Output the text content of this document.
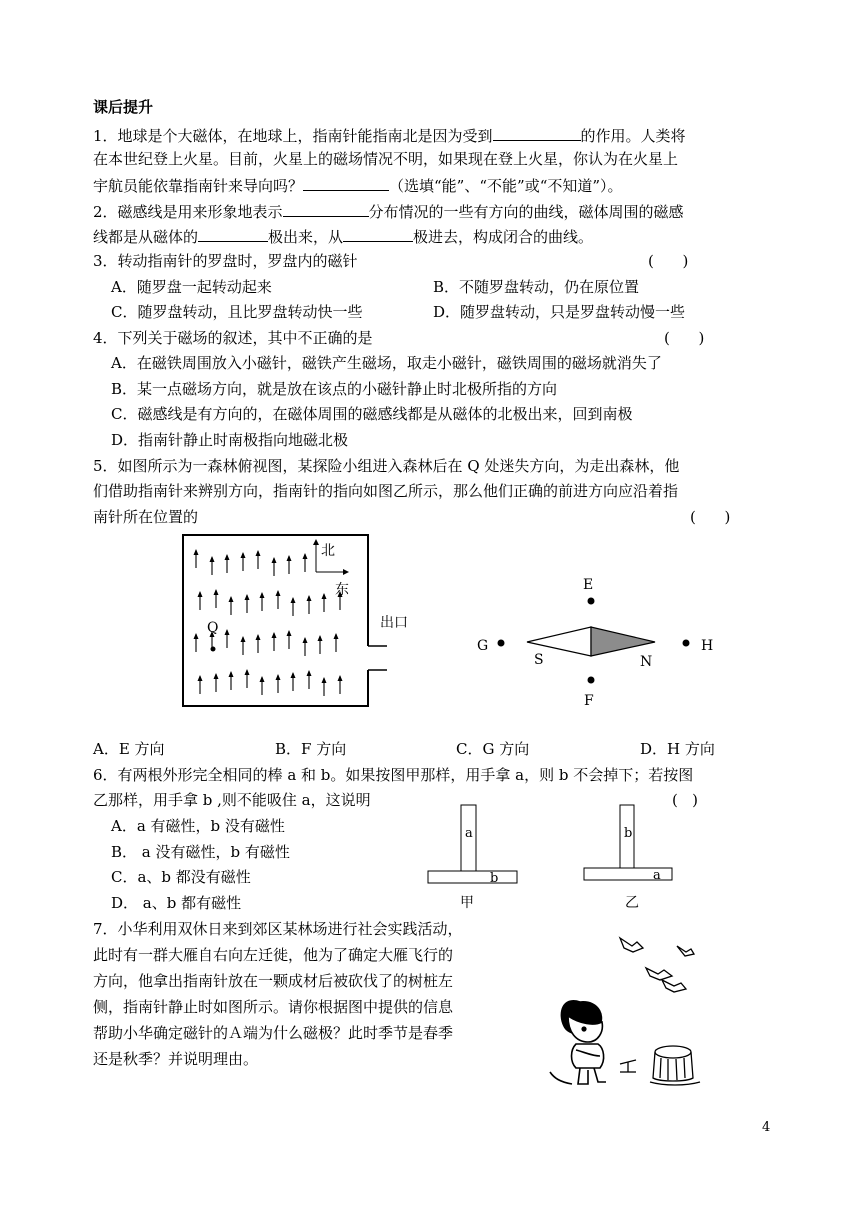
课后提升
1．地球是个大磁体，在地球上，指南针能指南北是因为受到	的作用。人类将
在本世纪登上火星。目前，火星上的磁场情况不明，如果现在登上火星，你认为在火星上
宇航员能依靠指南针来导向吗？	（选填“能”、“不能”或“不知道”）。
2．磁感线是用来形象地表示	分布情况的一些有方向的曲线，磁体周围的磁感
线都是从磁体的	极出来，从	极进去，构成闭合的曲线。
3．转动指南针的罗盘时，罗盘内的磁针	(      )
A．随罗盘一起转动起来	B．不随罗盘转动，仍在原位置
C．随罗盘转动，且比罗盘转动快一些	D．随罗盘转动，只是罗盘转动慢一些
4．下列关于磁场的叙述，其中不正确的是	(      )
A．在磁铁周围放入小磁针，磁铁产生磁场，取走小磁针，磁铁周围的磁场就消失了
B．某一点磁场方向，就是放在该点的小磁针静止时北极所指的方向
C．磁感线是有方向的，在磁体周围的磁感线都是从磁体的北极出来，回到南极
D．指南针静止时南极指向地磁北极
5．如图所示为一森林俯视图，某探险小组进入森林后在 Q 处迷失方向，为走出森林，他
们借助指南针来辨别方向，指南针的指向如图乙所示，那么他们正确的前进方向应沿着指
南针所在位置的	(      )
北
东
Q	出口
E
G	H
S	N
F
A．E 方向	B．F 方向	C．G 方向	D．H 方向
6．有两根外形完全相同的棒 a 和 b。如果按图甲那样，用手拿 a，则 b 不会掉下；若按图
乙那样，用手拿 b ,则不能吸住 a，这说明	(   )
A．a 有磁性，b 没有磁性
B． a 没有磁性，b 有磁性
C．a、b 都没有磁性
D． a、b 都有磁性
a
b
甲
b
a
乙
7．小华利用双休日来到郊区某林场进行社会实践活动，
此时有一群大雁自右向左迁徙，他为了确定大雁飞行的
方向，他拿出指南针放在一颗成材后被砍伐了的树桩左
侧，指南针静止时如图所示。请你根据图中提供的信息
帮助小华确定磁针的Ａ端为什么磁极？此时季节是春季
还是秋季？并说明理由。
4
